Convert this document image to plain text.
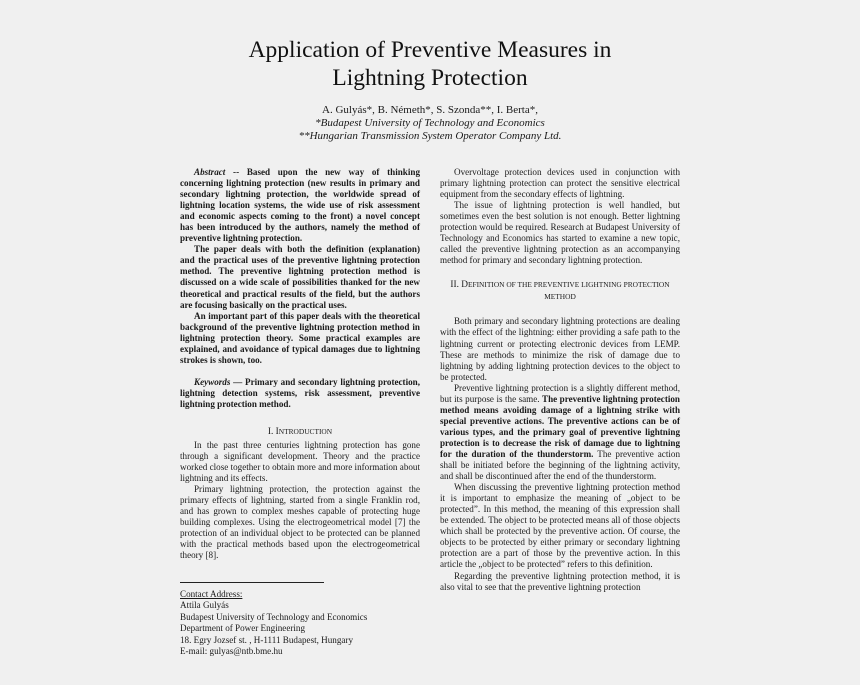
Application of Preventive Measures in
Lightning Protection
A. Gulyás*, B. Németh*, S. Szonda**, I. Berta*,
*Budapest University of Technology and Economics
**Hungarian Transmission System Operator Company Ltd.

Abstract -- Based upon the new way of thinking concerning lightning protection (new results in primary and secondary lightning protection, the worldwide spread of lightning location systems, the wide use of risk assessment and economic aspects coming to the front) a novel concept has been introduced by the authors, namely the method of preventive lightning protection.

The paper deals with both the definition (explanation) and the practical uses of the preventive lightning protection method. The preventive lightning protection method is discussed on a wide scale of possibilities thanked for the new theoretical and practical results of the field, but the authors are focusing basically on the practical uses.

An important part of this paper deals with the theoretical background of the preventive lightning protection method in lightning protection theory. Some practical examples are explained, and avoidance of typical damages due to lightning strokes is shown, too.

Keywords — Primary and secondary lightning protection, lightning detection systems, risk assessment, preventive lightning protection method.

I. INTRODUCTION

In the past three centuries lightning protection has gone through a significant development. Theory and the practice worked close together to obtain more and more information about lightning and its effects.

Primary lightning protection, the protection against the primary effects of lightning, started from a single Franklin rod, and has grown to complex meshes capable of protecting huge building complexes. Using the electrogeometrical model [7] the protection of an individual object to be protected can be planned with the practical methods based upon the electrogeometrical theory [8].

Contact Address:
Attila Gulyás
Budapest University of Technology and Economics
Department of Power Engineering
18. Egry Jozsef st. , H-1111 Budapest, Hungary
E-mail: gulyas@ntb.bme.hu

Overvoltage protection devices used in conjunction with primary lightning protection can protect the sensitive electrical equipment from the secondary effects of lightning.

The issue of lightning protection is well handled, but sometimes even the best solution is not enough. Better lightning protection would be required. Research at Budapest University of Technology and Economics has started to examine a new topic, called the preventive lightning protection as an accompanying method for primary and secondary lightning protection.

II. DEFINITION OF THE PREVENTIVE LIGHTNING PROTECTION METHOD

Both primary and secondary lightning protections are dealing with the effect of the lightning: either providing a safe path to the lightning current or protecting electronic devices from LEMP. These are methods to minimize the risk of damage due to lightning by adding lightning protection devices to the object to be protected.

Preventive lightning protection is a slightly different method, but its purpose is the same. The preventive lightning protection method means avoiding damage of a lightning strike with special preventive actions. The preventive actions can be of various types, and the primary goal of preventive lightning protection is to decrease the risk of damage due to lightning for the duration of the thunderstorm. The preventive action shall be initiated before the beginning of the lightning activity, and shall be discontinued after the end of the thunderstorm.

When discussing the preventive lightning protection method it is important to emphasize the meaning of „object to be protected”. In this method, the meaning of this expression shall be extended. The object to be protected means all of those objects which shall be protected by the preventive action. Of course, the objects to be protected by either primary or secondary lightning protection are a part of those by the preventive action. In this article the „object to be protected” refers to this definition.

Regarding the preventive lightning protection method, it is also vital to see that the preventive lightning protection
